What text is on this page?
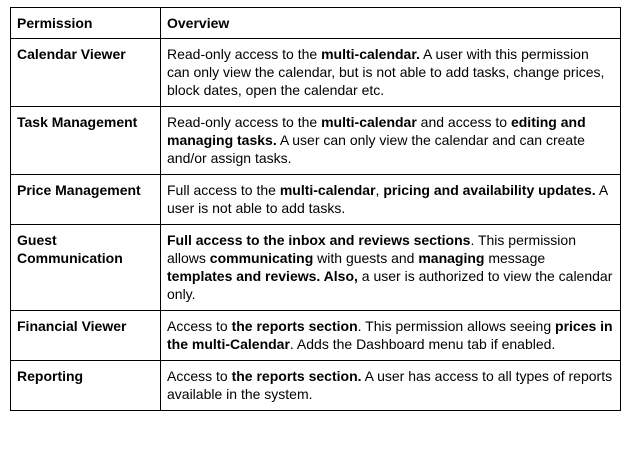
Permission	Overview
Calendar Viewer	Read-only access to the multi-calendar. A user with this permission can only view the calendar, but is not able to add tasks, change prices, block dates, open the calendar etc.
Task Management	Read-only access to the multi-calendar and access to editing and managing tasks. A user can only view the calendar and can create and/or assign tasks.
Price Management	Full access to the multi-calendar, pricing and availability updates. A user is not able to add tasks.
Guest Communication	Full access to the inbox and reviews sections. This permission allows communicating with guests and managing message templates and reviews. Also, a user is authorized to view the calendar only.
Financial Viewer	Access to the reports section. This permission allows seeing prices in the multi-Calendar. Adds the Dashboard menu tab if enabled.
Reporting	Access to the reports section. A user has access to all types of reports available in the system.
